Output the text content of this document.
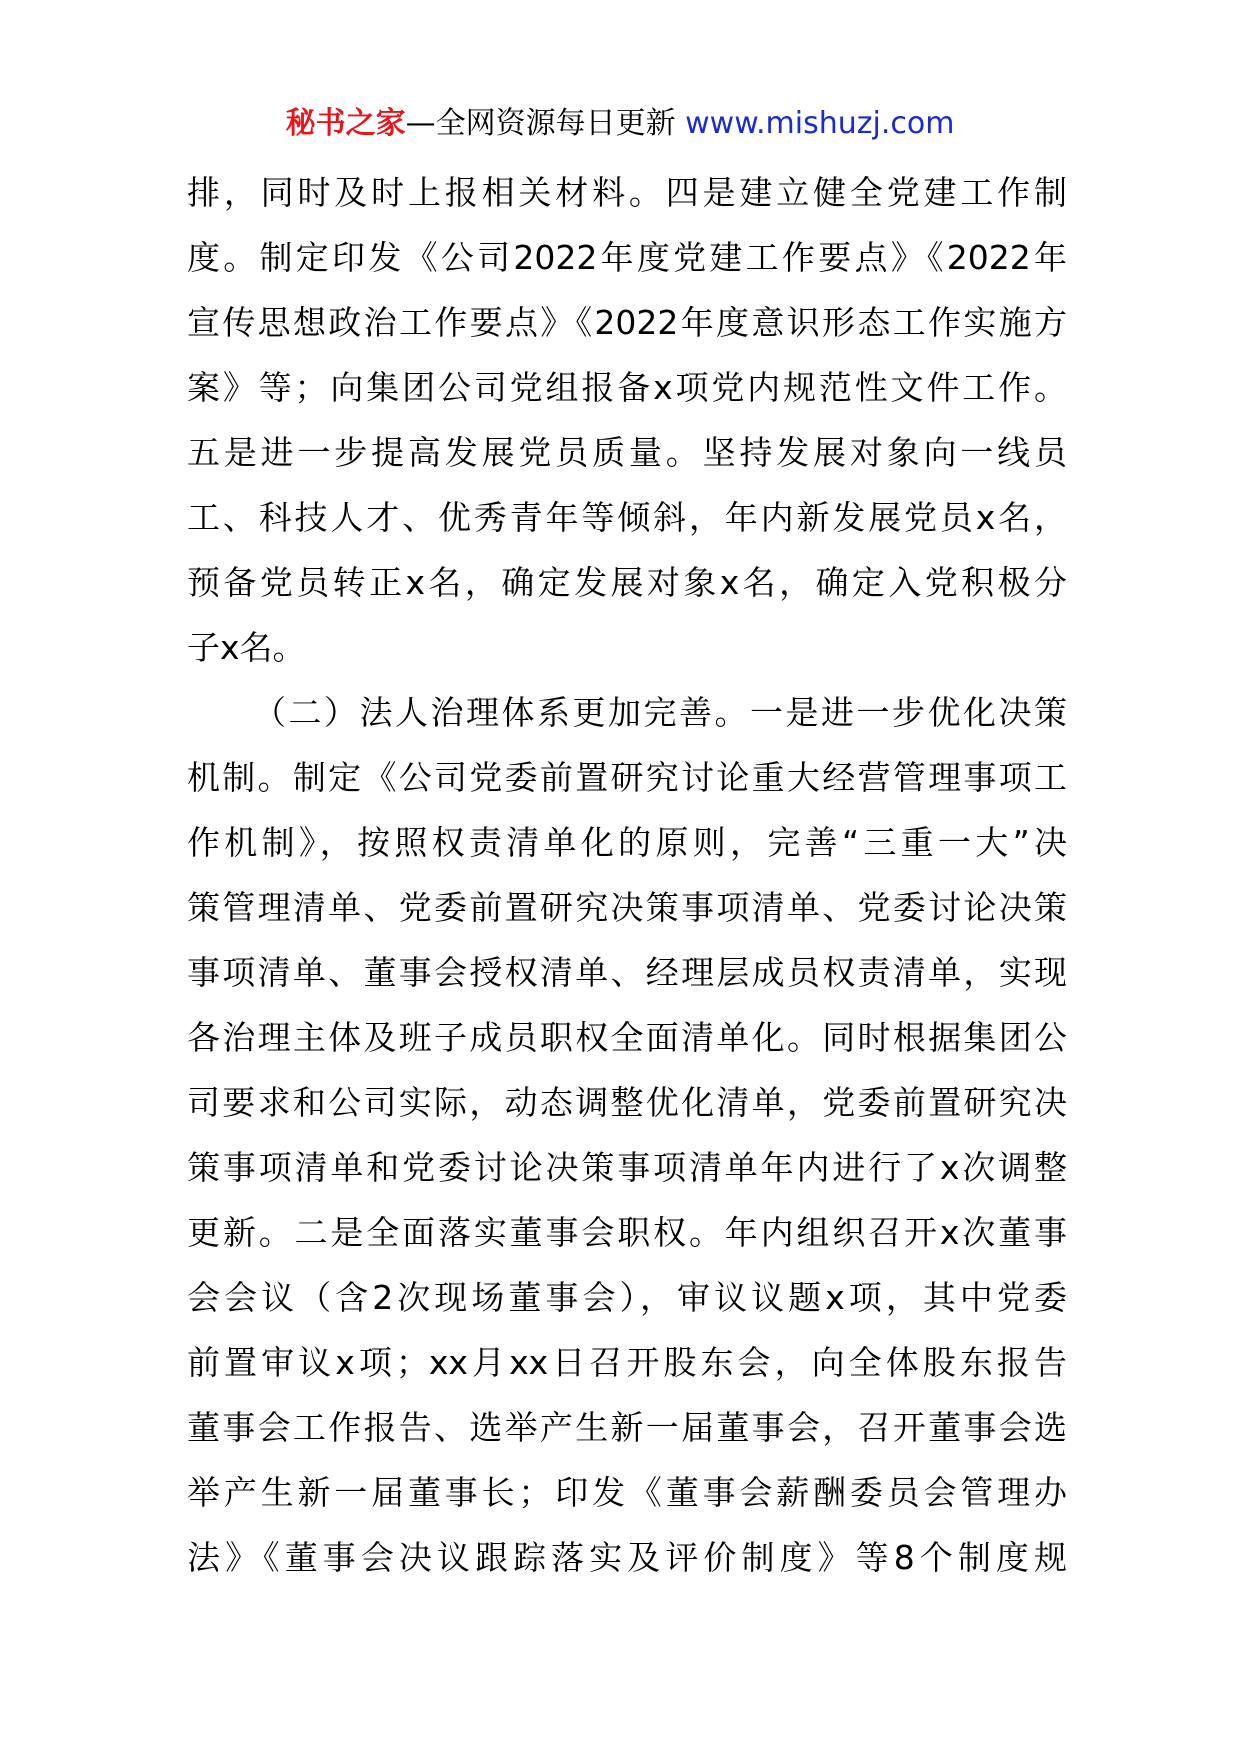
秘书之家—全网资源每日更新 www.mishuzj.com
排，同时及时上报相关材料。四是建立健全党建工作制
度。制定印发《公司2022年度党建工作要点》《2022年
宣传思想政治工作要点》《2022年度意识形态工作实施方
案》等；向集团公司党组报备x项党内规范性文件工作。
五是进一步提高发展党员质量。坚持发展对象向一线员
工、科技人才、优秀青年等倾斜，年内新发展党员x名，
预备党员转正x名，确定发展对象x名，确定入党积极分
子x名。
（二）法人治理体系更加完善。一是进一步优化决策
机制。制定《公司党委前置研究讨论重大经营管理事项工
作机制》，按照权责清单化的原则，完善“三重一大”决
策管理清单、党委前置研究决策事项清单、党委讨论决策
事项清单、董事会授权清单、经理层成员权责清单，实现
各治理主体及班子成员职权全面清单化。同时根据集团公
司要求和公司实际，动态调整优化清单，党委前置研究决
策事项清单和党委讨论决策事项清单年内进行了x次调整
更新。二是全面落实董事会职权。年内组织召开x次董事
会会议（含2次现场董事会），审议议题x项，其中党委
前置审议x项；xx月xx日召开股东会，向全体股东报告
董事会工作报告、选举产生新一届董事会，召开董事会选
举产生新一届董事长；印发《董事会薪酬委员会管理办
法》《董事会决议跟踪落实及评价制度》等8个制度规
